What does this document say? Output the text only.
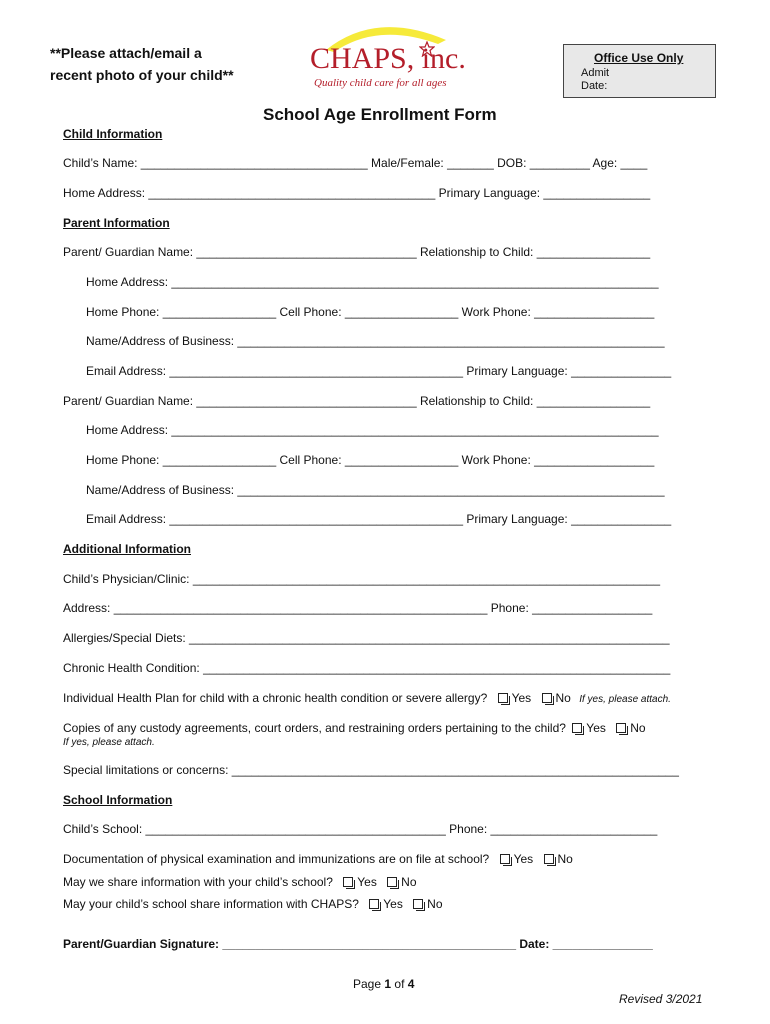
**Please attach/email a
recent photo of your child**	CHAPS, inc.
Quality child care for all ages
Office Use Only
Admit
Date:
School Age Enrollment Form
Child Information
Child’s Name: __________________________________ Male/Female: _______ DOB: _________ Age: ____
Home Address: ___________________________________________ Primary Language: ________________
Parent Information
Parent/ Guardian Name: _________________________________ Relationship to Child: _________________
Home Address: _________________________________________________________________________
Home Phone: _________________ Cell Phone: _________________ Work Phone: __________________
Name/Address of Business: ________________________________________________________________
Email Address: ____________________________________________ Primary Language: _______________
Parent/ Guardian Name: _________________________________ Relationship to Child: _________________
Home Address: _________________________________________________________________________
Home Phone: _________________ Cell Phone: _________________ Work Phone: __________________
Name/Address of Business: ________________________________________________________________
Email Address: ____________________________________________ Primary Language: _______________
Additional Information
Child’s Physician/Clinic: ______________________________________________________________________
Address: ________________________________________________________ Phone: __________________
Allergies/Special Diets: ________________________________________________________________________
Chronic Health Condition: ______________________________________________________________________
Individual Health Plan for child with a chronic health condition or severe allergy? Yes No If yes, please attach.
Copies of any custody agreements, court orders, and restraining orders pertaining to the child? Yes No
If yes, please attach.
Special limitations or concerns: ___________________________________________________________________
School Information
Child’s School: _____________________________________________ Phone: _________________________
Documentation of physical examination and immunizations are on file at school? Yes No
May we share information with your child’s school? Yes No
May your child’s school share information with CHAPS? Yes No
Parent/Guardian Signature: ____________________________________________ Date: _______________
Page 1 of 4
Revised 3/2021
